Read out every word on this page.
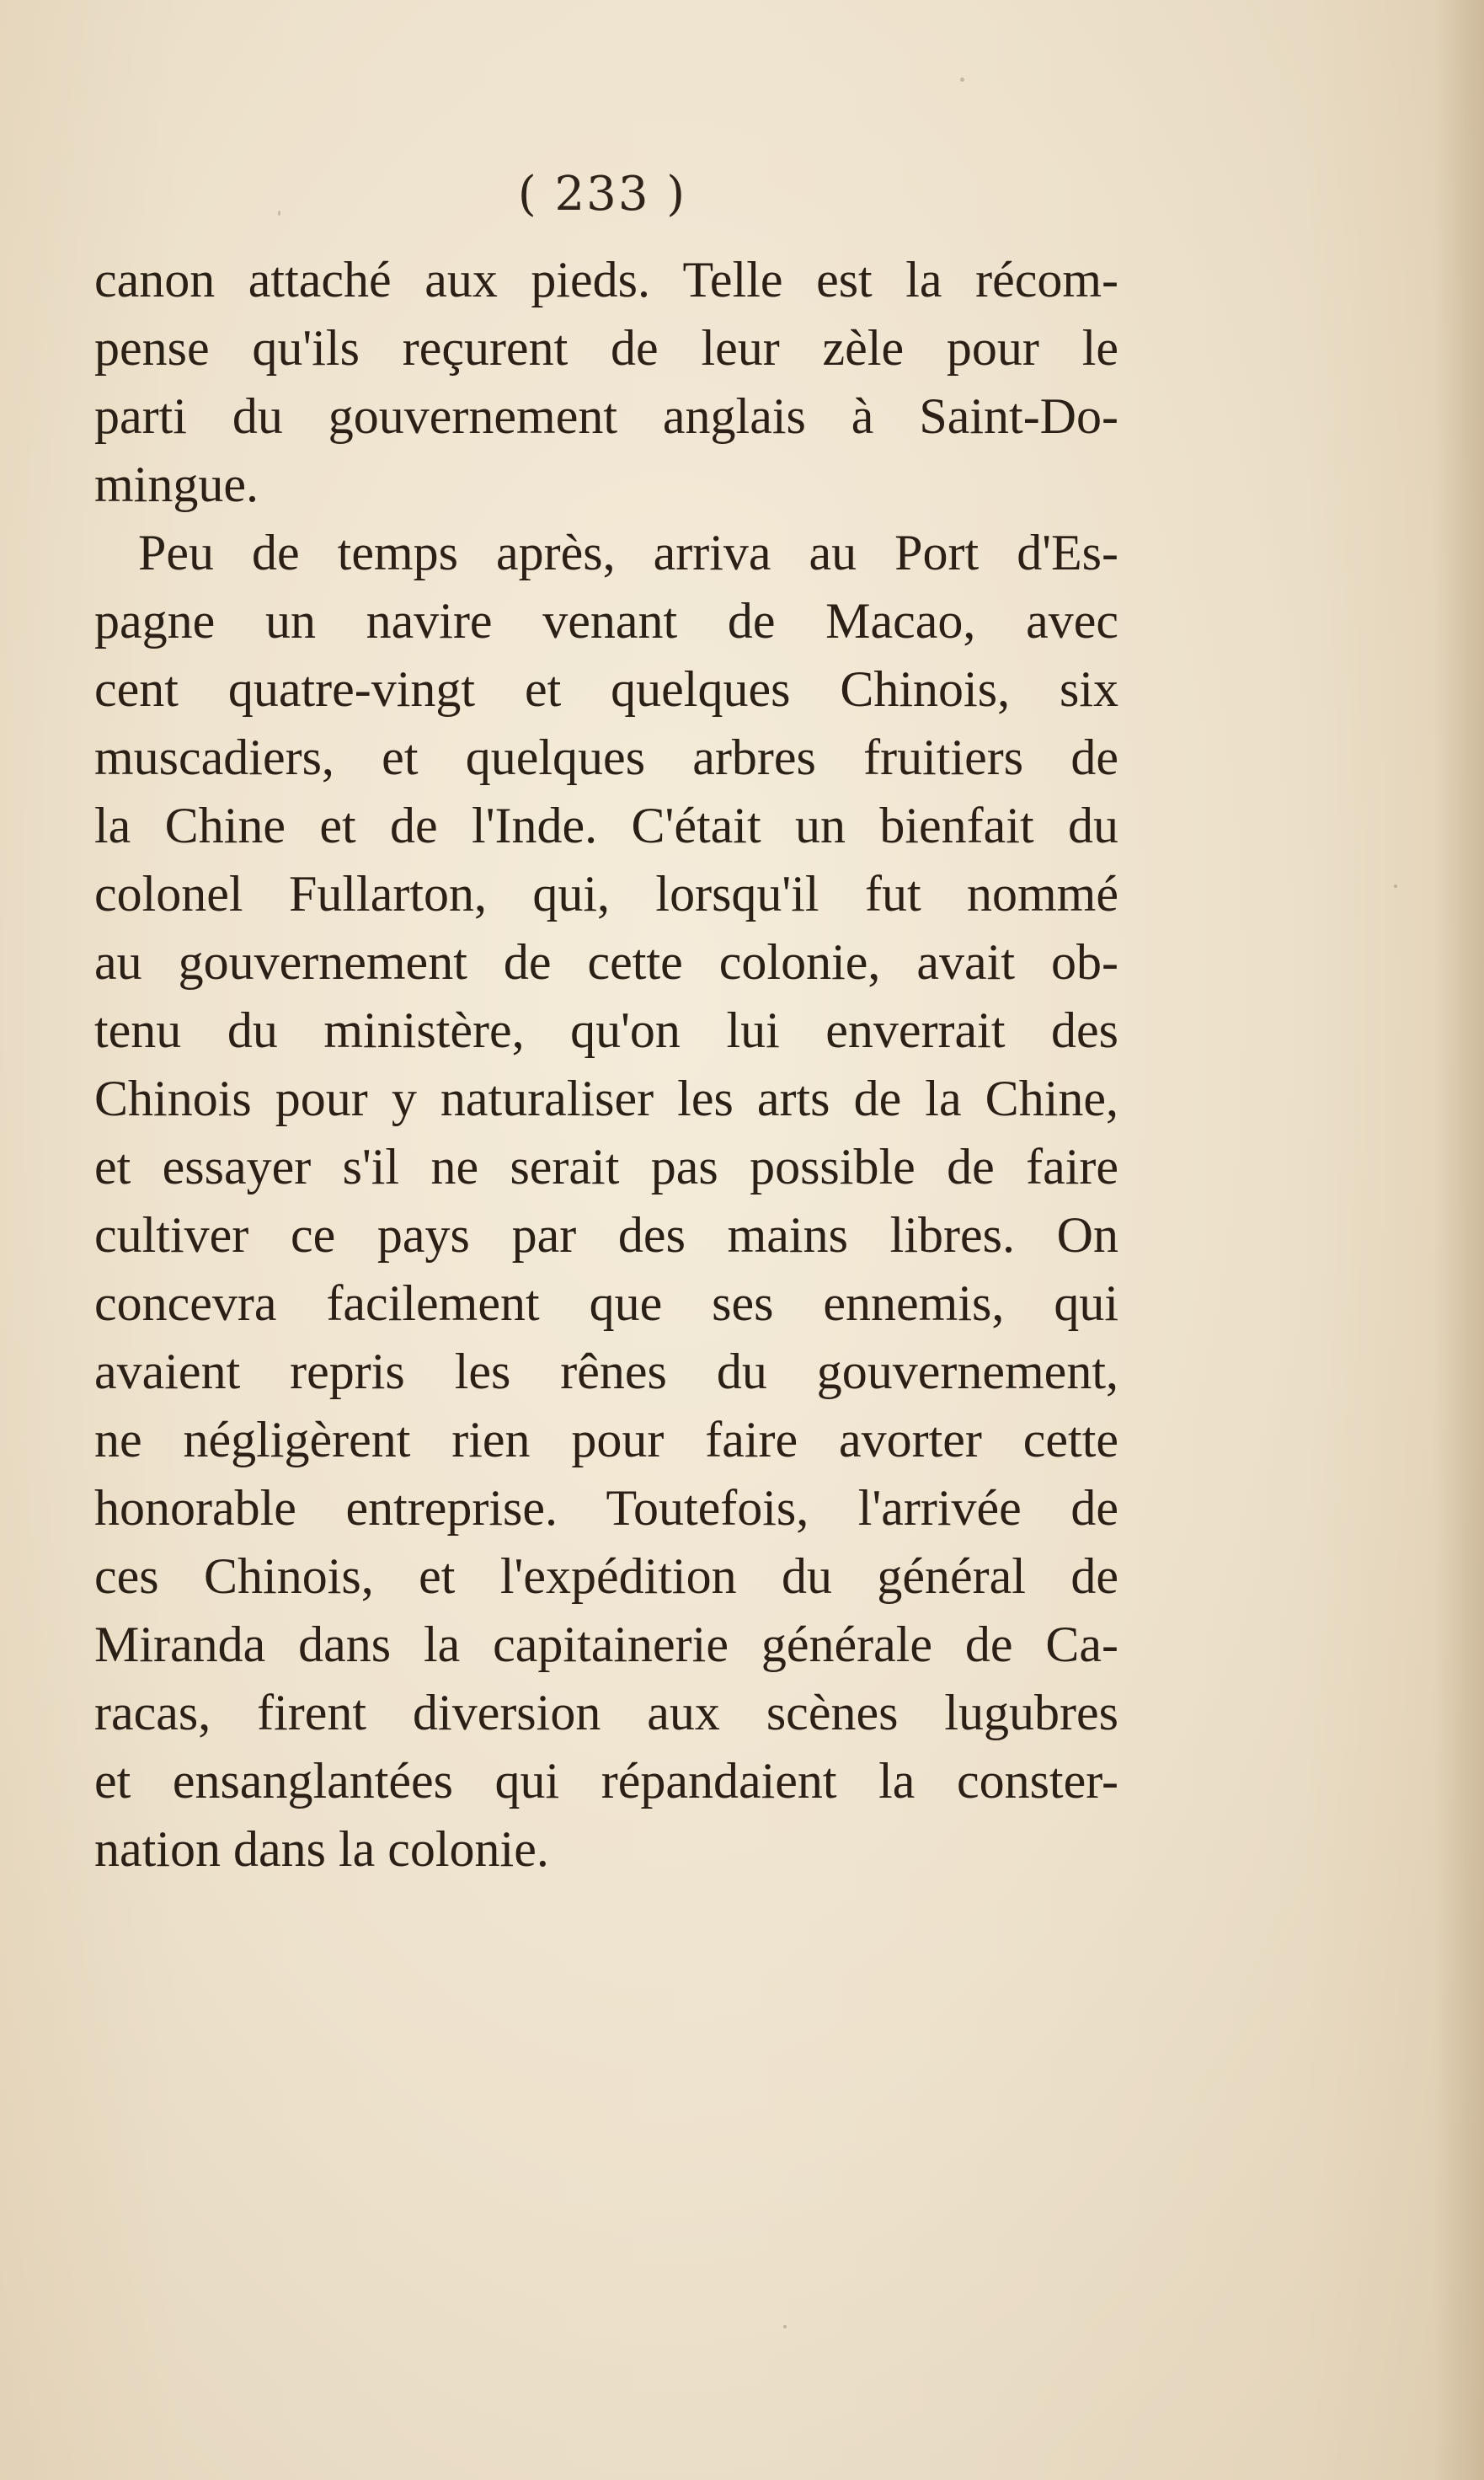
( 233 )
canon attaché aux pieds. Telle est la récom-
pense qu'ils reçurent de leur zèle pour le
parti du gouvernement anglais à Saint-Do-
mingue.
Peu de temps après, arriva au Port d'Es-
pagne un navire venant de Macao, avec
cent quatre-vingt et quelques Chinois, six
muscadiers, et quelques arbres fruitiers de
la Chine et de l'Inde. C'était un bienfait du
colonel Fullarton, qui, lorsqu'il fut nommé
au gouvernement de cette colonie, avait ob-
tenu du ministère, qu'on lui enverrait des
Chinois pour y naturaliser les arts de la Chine,
et essayer s'il ne serait pas possible de faire
cultiver ce pays par des mains libres. On
concevra facilement que ses ennemis, qui
avaient repris les rênes du gouvernement,
ne négligèrent rien pour faire avorter cette
honorable entreprise. Toutefois, l'arrivée de
ces Chinois, et l'expédition du général de
Miranda dans la capitainerie générale de Ca-
racas, firent diversion aux scènes lugubres
et ensanglantées qui répandaient la conster-
nation dans la colonie.
